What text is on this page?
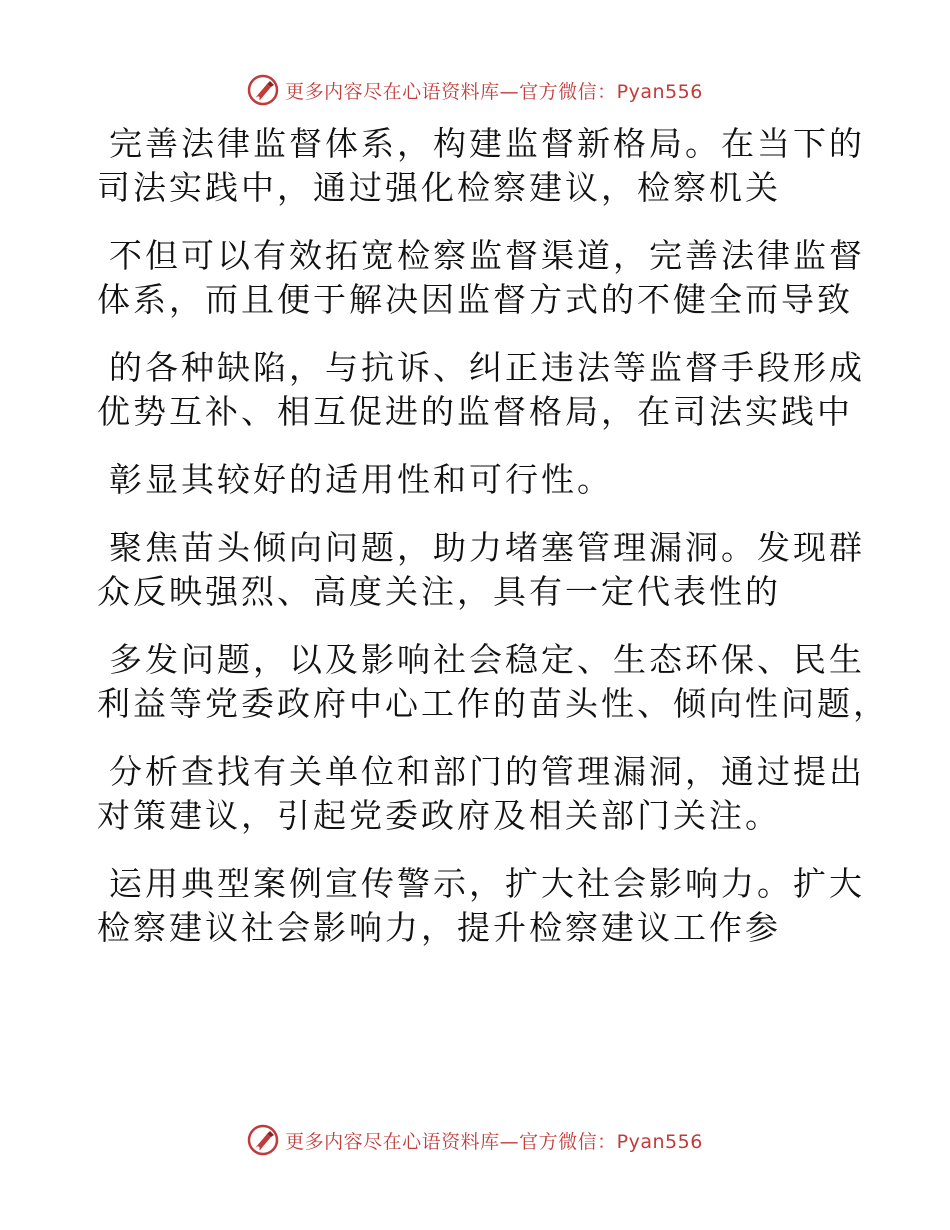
更多内容尽在心语资料库—官方微信：Pyan556
完善法律监督体系，构建监督新格局。在当下的
司法实践中，通过强化检察建议，检察机关
不但可以有效拓宽检察监督渠道，完善法律监督
体系，而且便于解决因监督方式的不健全而导致
的各种缺陷，与抗诉、纠正违法等监督手段形成
优势互补、相互促进的监督格局，在司法实践中
彰显其较好的适用性和可行性。
聚焦苗头倾向问题，助力堵塞管理漏洞。发现群
众反映强烈、高度关注，具有一定代表性的
多发问题，以及影响社会稳定、生态环保、民生
利益等党委政府中心工作的苗头性、倾向性问题，
分析查找有关单位和部门的管理漏洞，通过提出
对策建议，引起党委政府及相关部门关注。
运用典型案例宣传警示，扩大社会影响力。扩大
检察建议社会影响力，提升检察建议工作参
更多内容尽在心语资料库—官方微信：Pyan556
